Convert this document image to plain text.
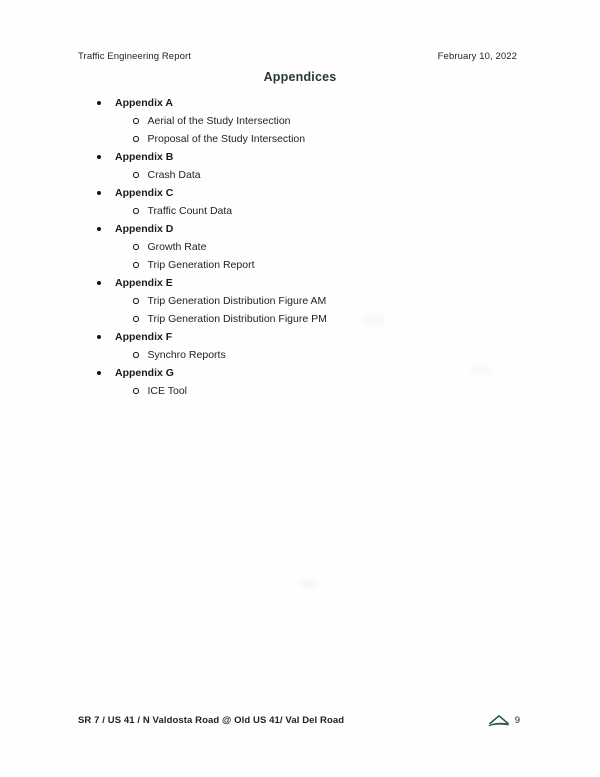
Traffic Engineering Report	February 10, 2022
Appendices
Appendix A
Aerial of the Study Intersection
Proposal of the Study Intersection
Appendix B
Crash Data
Appendix C
Traffic Count Data
Appendix D
Growth Rate
Trip Generation Report
Appendix E
Trip Generation Distribution Figure AM
Trip Generation Distribution Figure PM
Appendix F
Synchro Reports
Appendix G
ICE Tool
SR 7 / US 41 / N Valdosta Road @ Old US 41/ Val Del Road	9
